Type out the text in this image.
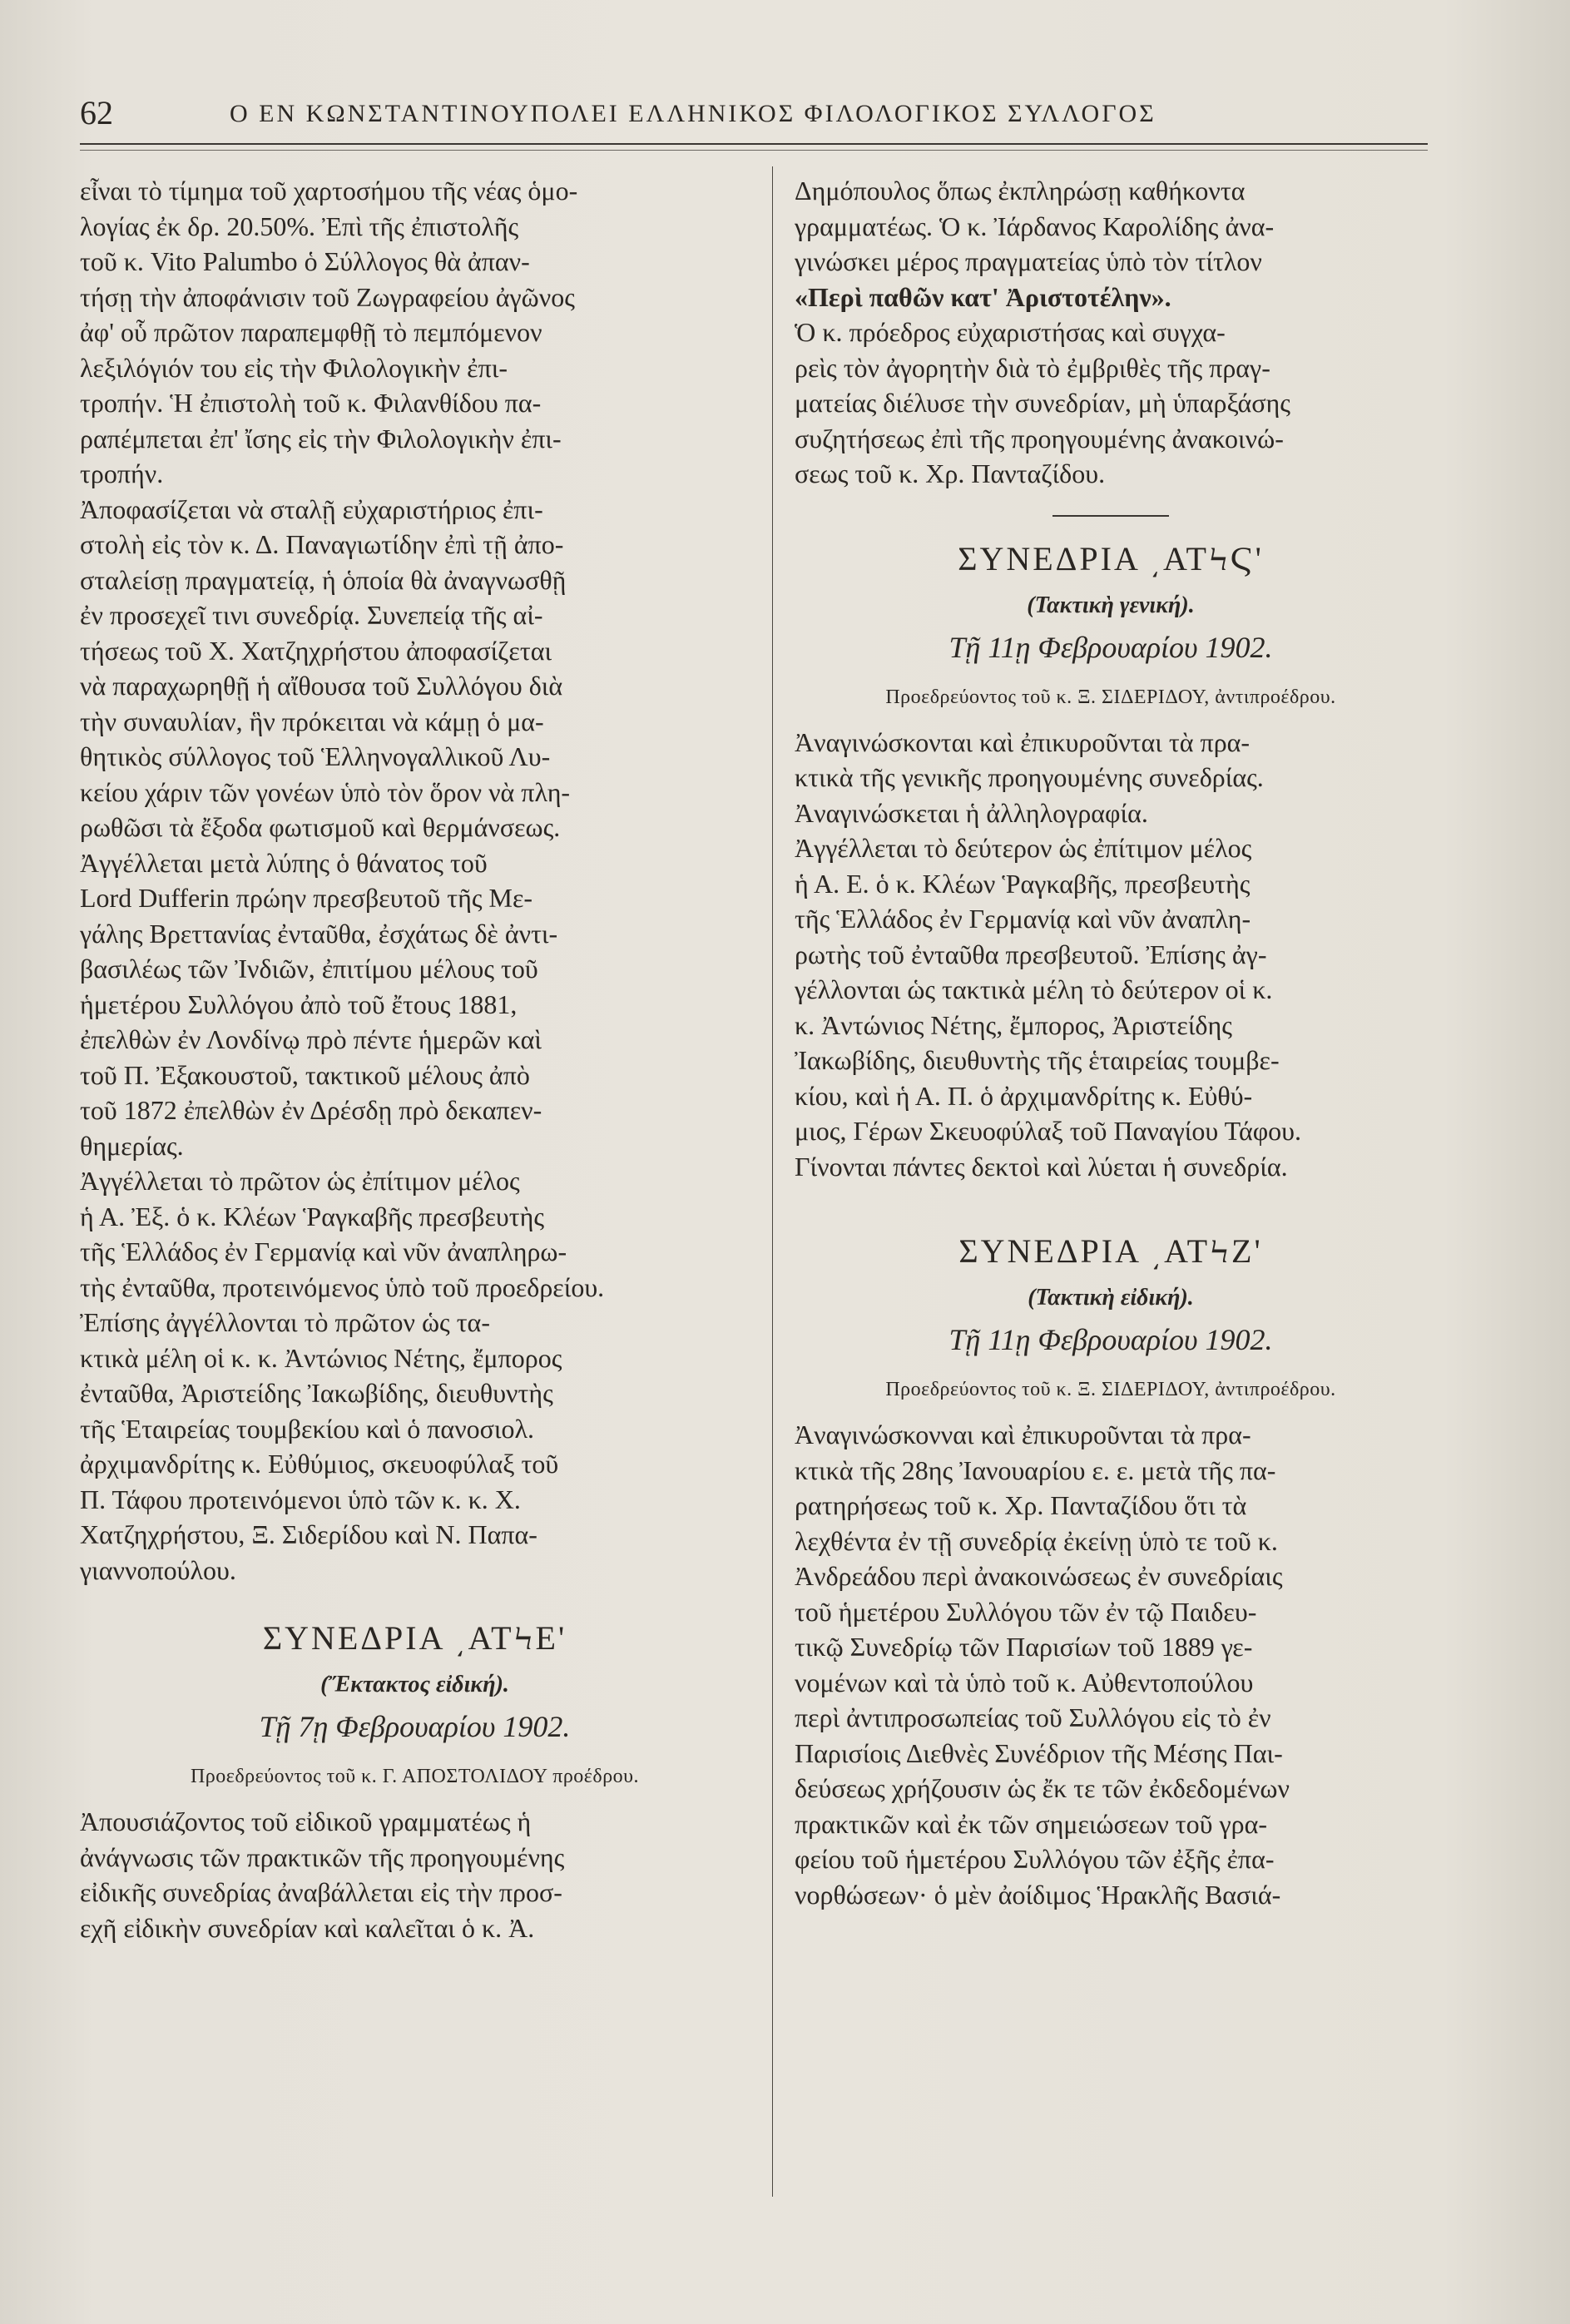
62	Ο ΕΝ ΚΩΝΣΤΑΝΤΙΝΟΥΠΟΛΕΙ ΕΛΛΗΝΙΚΟΣ ΦΙΛΟΛΟΓΙΚΟΣ ΣΥΛΛΟΓΟΣ
εἶναι τὸ τίμημα τοῦ χαρτοσήμου τῆς νέας ὁμο-
λογίας ἐκ δρ. 20.50%. Ἐπὶ τῆς ἐπιστολῆς
τοῦ κ. Vito Palumbo ὁ Σύλλογος θὰ ἀπαν-
τήσῃ τὴν ἀποφάνισιν τοῦ Ζωγραφείου ἀγῶνος
ἀφ' οὗ πρῶτον παραπεμφθῇ τὸ πεμπόμενον
λεξιλόγιόν του εἰς τὴν Φιλολογικὴν ἐπι-
τροπήν. Ἡ ἐπιστολὴ τοῦ κ. Φιλανθίδου πα-
ραπέμπεται ἐπ' ἴσης εἰς τὴν Φιλολογικὴν ἐπι-
τροπήν.
Ἀποφασίζεται νὰ σταλῇ εὐχαριστήριος ἐπι-
στολὴ εἰς τὸν κ. Δ. Παναγιωτίδην ἐπὶ τῇ ἀπο-
σταλείσῃ πραγματείᾳ, ἡ ὁποία θὰ ἀναγνωσθῇ
ἐν προσεχεῖ τινι συνεδρίᾳ. Συνεπείᾳ τῆς αἰ-
τήσεως τοῦ Χ. Χατζηχρήστου ἀποφασίζεται
νὰ παραχωρηθῇ ἡ αἴθουσα τοῦ Συλλόγου διὰ
τὴν συναυλίαν, ἣν πρόκειται νὰ κάμῃ ὁ μα-
θητικὸς σύλλογος τοῦ Ἑλληνογαλλικοῦ Λυ-
κείου χάριν τῶν γονέων ὑπὸ τὸν ὅρον νὰ πλη-
ρωθῶσι τὰ ἔξοδα φωτισμοῦ καὶ θερμάνσεως.
Ἀγγέλλεται μετὰ λύπης ὁ θάνατος τοῦ
Lord Dufferin πρώην πρεσβευτοῦ τῆς Με-
γάλης Βρεττανίας ἐνταῦθα, ἐσχάτως δὲ ἀντι-
βασιλέως τῶν Ἰνδιῶν, ἐπιτίμου μέλους τοῦ
ἡμετέρου Συλλόγου ἀπὸ τοῦ ἔτους 1881,
ἐπελθὼν ἐν Λονδίνῳ πρὸ πέντε ἡμερῶν καὶ
τοῦ Π. Ἐξακουστοῦ, τακτικοῦ μέλους ἀπὸ
τοῦ 1872 ἐπελθὼν ἐν Δρέσδῃ πρὸ δεκαπεν-
θημερίας.
Ἀγγέλλεται τὸ πρῶτον ὡς ἐπίτιμον μέλος
ἡ Α. Ἐξ. ὁ κ. Κλέων Ῥαγκαβῆς πρεσβευτὴς
τῆς Ἑλλάδος ἐν Γερμανίᾳ καὶ νῦν ἀναπληρω-
τὴς ἐνταῦθα, προτεινόμενος ὑπὸ τοῦ προεδρείου.
Ἐπίσης ἀγγέλλονται τὸ πρῶτον ὡς τα-
κτικὰ μέλη οἱ κ. κ. Ἀντώνιος Νέτης, ἔμπορος
ἐνταῦθα, Ἀριστείδης Ἰακωβίδης, διευθυντὴς
τῆς Ἑταιρείας τουμβεκίου καὶ ὁ πανοσιολ.
ἀρχιμανδρίτης κ. Εὐθύμιος, σκευοφύλαξ τοῦ
Π. Τάφου προτεινόμενοι ὑπὸ τῶν κ. κ. Χ.
Χατζηχρήστου, Ξ. Σιδερίδου καὶ Ν. Παπα-
γιαννοπούλου.
ΣΥΝΕΔΡΙΑ ͵ΑΤϞΕ'
(Ἔκτακτος εἰδική).
Τῇ 7ῃ Φεβρουαρίου 1902.
Προεδρεύοντος τοῦ κ. Γ. ΑΠΟΣΤΟΛΙΔΟΥ προέδρου.
Ἀπουσιάζοντος τοῦ εἰδικοῦ γραμματέως ἡ
ἀνάγνωσις τῶν πρακτικῶν τῆς προηγουμένης
εἰδικῆς συνεδρίας ἀναβάλλεται εἰς τὴν προσ-
εχῆ εἰδικὴν συνεδρίαν καὶ καλεῖται ὁ κ. Ἀ.
Δημόπουλος ὅπως ἐκπληρώσῃ καθήκοντα
γραμματέως. Ὁ κ. Ἰάρδανος Καρολίδης ἀνα-
γινώσκει μέρος πραγματείας ὑπὸ τὸν τίτλον
«Περὶ παθῶν κατ' Ἀριστοτέλην».
Ὁ κ. πρόεδρος εὐχαριστήσας καὶ συγχα-
ρεὶς τὸν ἀγορητὴν διὰ τὸ ἐμβριθὲς τῆς πραγ-
ματείας διέλυσε τὴν συνεδρίαν, μὴ ὑπαρξάσης
συζητήσεως ἐπὶ τῆς προηγουμένης ἀνακοινώ-
σεως τοῦ κ. Χρ. Πανταζίδου.
ΣΥΝΕΔΡΙΑ ͵ΑΤϞϚ'
(Τακτικὴ γενική).
Τῇ 11ῃ Φεβρουαρίου 1902.
Προεδρεύοντος τοῦ κ. Ξ. ΣΙΔΕΡΙΔΟΥ, ἀντιπροέδρου.
Ἀναγινώσκονται καὶ ἐπικυροῦνται τὰ πρα-
κτικὰ τῆς γενικῆς προηγουμένης συνεδρίας.
Ἀναγινώσκεται ἡ ἀλληλογραφία.
Ἀγγέλλεται τὸ δεύτερον ὡς ἐπίτιμον μέλος
ἡ Α. Ε. ὁ κ. Κλέων Ῥαγκαβῆς, πρεσβευτὴς
τῆς Ἑλλάδος ἐν Γερμανίᾳ καὶ νῦν ἀναπλη-
ρωτὴς τοῦ ἐνταῦθα πρεσβευτοῦ. Ἐπίσης ἀγ-
γέλλονται ὡς τακτικὰ μέλη τὸ δεύτερον οἱ κ.
κ. Ἀντώνιος Νέτης, ἔμπορος, Ἀριστείδης
Ἰακωβίδης, διευθυντὴς τῆς ἑταιρείας τουμβε-
κίου, καὶ ἡ Α. Π. ὁ ἀρχιμανδρίτης κ. Εὐθύ-
μιος, Γέρων Σκευοφύλαξ τοῦ Παναγίου Τάφου.
Γίνονται πάντες δεκτοὶ καὶ λύεται ἡ συνεδρία.
ΣΥΝΕΔΡΙΑ ͵ΑΤϞΖ'
(Τακτικὴ εἰδική).
Τῇ 11ῃ Φεβρουαρίου 1902.
Προεδρεύοντος τοῦ κ. Ξ. ΣΙΔΕΡΙΔΟΥ, ἀντιπροέδρου.
Ἀναγινώσκονναι καὶ ἐπικυροῦνται τὰ πρα-
κτικὰ τῆς 28ης Ἰανουαρίου ε. ε. μετὰ τῆς πα-
ρατηρήσεως τοῦ κ. Χρ. Πανταζίδου ὅτι τὰ
λεχθέντα ἐν τῇ συνεδρίᾳ ἐκείνῃ ὑπὸ τε τοῦ κ.
Ἀνδρεάδου περὶ ἀνακοινώσεως ἐν συνεδρίαις
τοῦ ἡμετέρου Συλλόγου τῶν ἐν τῷ Παιδευ-
τικῷ Συνεδρίῳ τῶν Παρισίων τοῦ 1889 γε-
νομένων καὶ τὰ ὑπὸ τοῦ κ. Αὐθεντοπούλου
περὶ ἀντιπροσωπείας τοῦ Συλλόγου εἰς τὸ ἐν
Παρισίοις Διεθνὲς Συνέδριον τῆς Μέσης Παι-
δεύσεως χρήζουσιν ὡς ἔκ τε τῶν ἐκδεδομένων
πρακτικῶν καὶ ἐκ τῶν σημειώσεων τοῦ γρα-
φείου τοῦ ἡμετέρου Συλλόγου τῶν ἐξῆς ἐπα-
νορθώσεων· ὁ μὲν ἀοίδιμος Ἡρακλῆς Βασιά-
